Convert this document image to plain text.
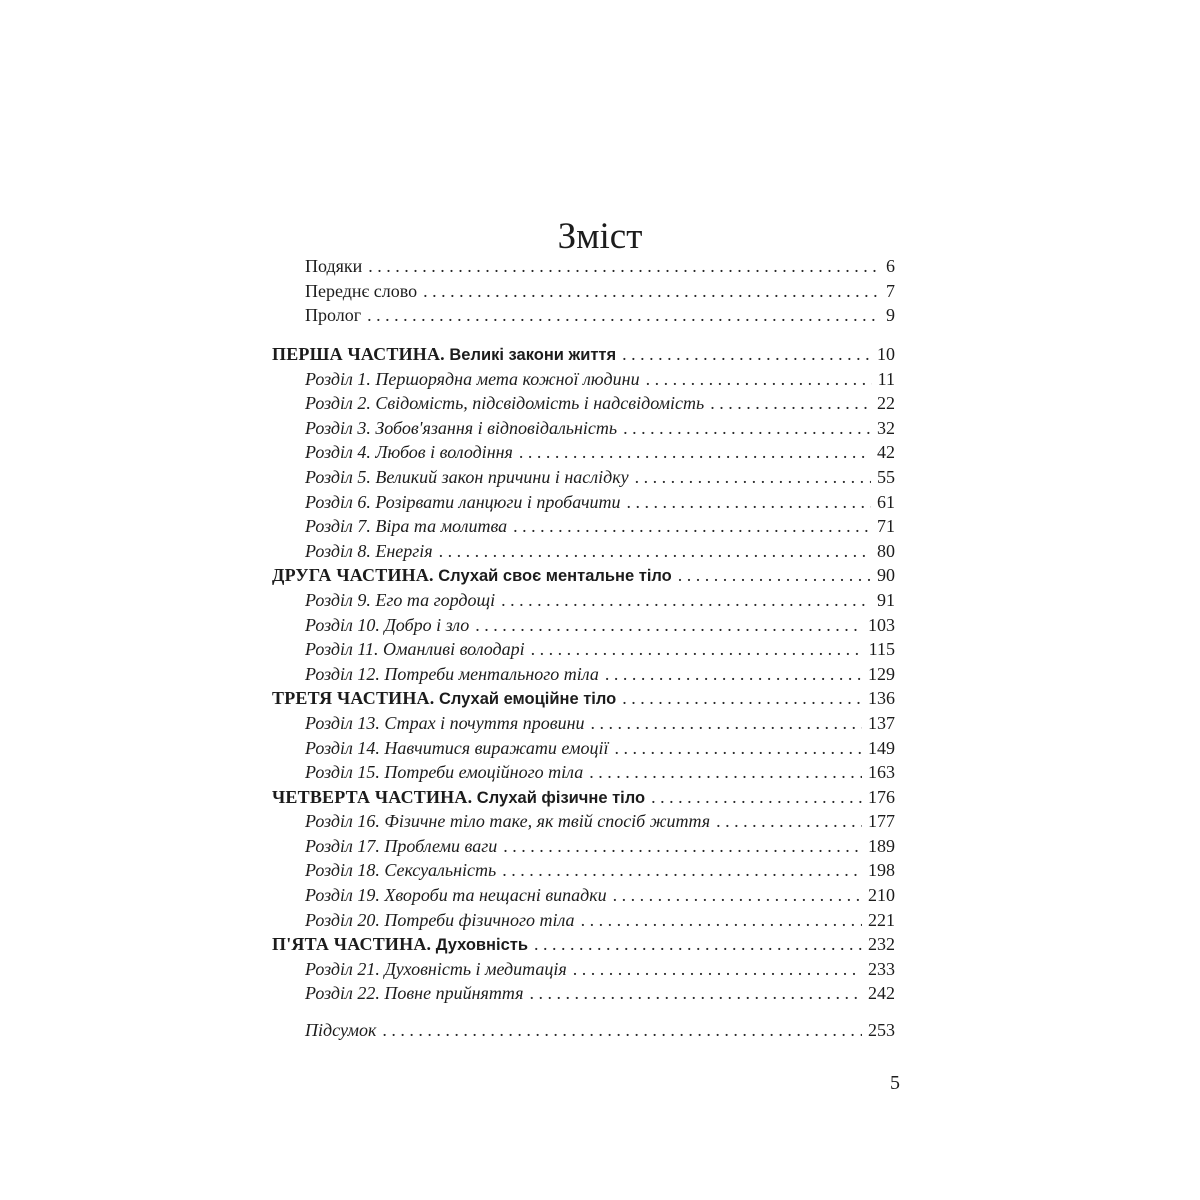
Зміст
Подяки . . .	6
Переднє слово . . .	7
Пролог . . .	9
ПЕРША ЧАСТИНА. Великі закони життя . . .	10
Розділ 1. Першорядна мета кожної людини . . .	11
Розділ 2. Свідомість, підсвідомість і надсвідомість . . .	22
Розділ 3. Зобов'язання і відповідальність . . .	32
Розділ 4. Любов і володіння . . .	42
Розділ 5. Великий закон причини і наслідку . . .	55
Розділ 6. Розірвати ланцюги і пробачити . . .	61
Розділ 7. Віра та молитва . . .	71
Розділ 8. Енергія . . .	80
ДРУГА ЧАСТИНА. Слухай своє ментальне тіло . . .	90
Розділ 9. Его та гордощі . . .	91
Розділ 10. Добро і зло . . .	103
Розділ 11. Оманливі володарі . . .	115
Розділ 12. Потреби ментального тіла . . .	129
ТРЕТЯ ЧАСТИНА. Слухай емоційне тіло . . .	136
Розділ 13. Страх і почуття провини . . .	137
Розділ 14. Навчитися виражати емоції . . .	149
Розділ 15. Потреби емоційного тіла . . .	163
ЧЕТВЕРТА ЧАСТИНА. Слухай фізичне тіло . . .	176
Розділ 16. Фізичне тіло таке, як твій спосіб життя . . .	177
Розділ 17. Проблеми ваги . . .	189
Розділ 18. Сексуальність . . .	198
Розділ 19. Хвороби та нещасні випадки . . .	210
Розділ 20. Потреби фізичного тіла . . .	221
П'ЯТА ЧАСТИНА. Духовність . . .	232
Розділ 21. Духовність і медитація . . .	233
Розділ 22. Повне прийняття . . .	242
Підсумок . . .	253
5
